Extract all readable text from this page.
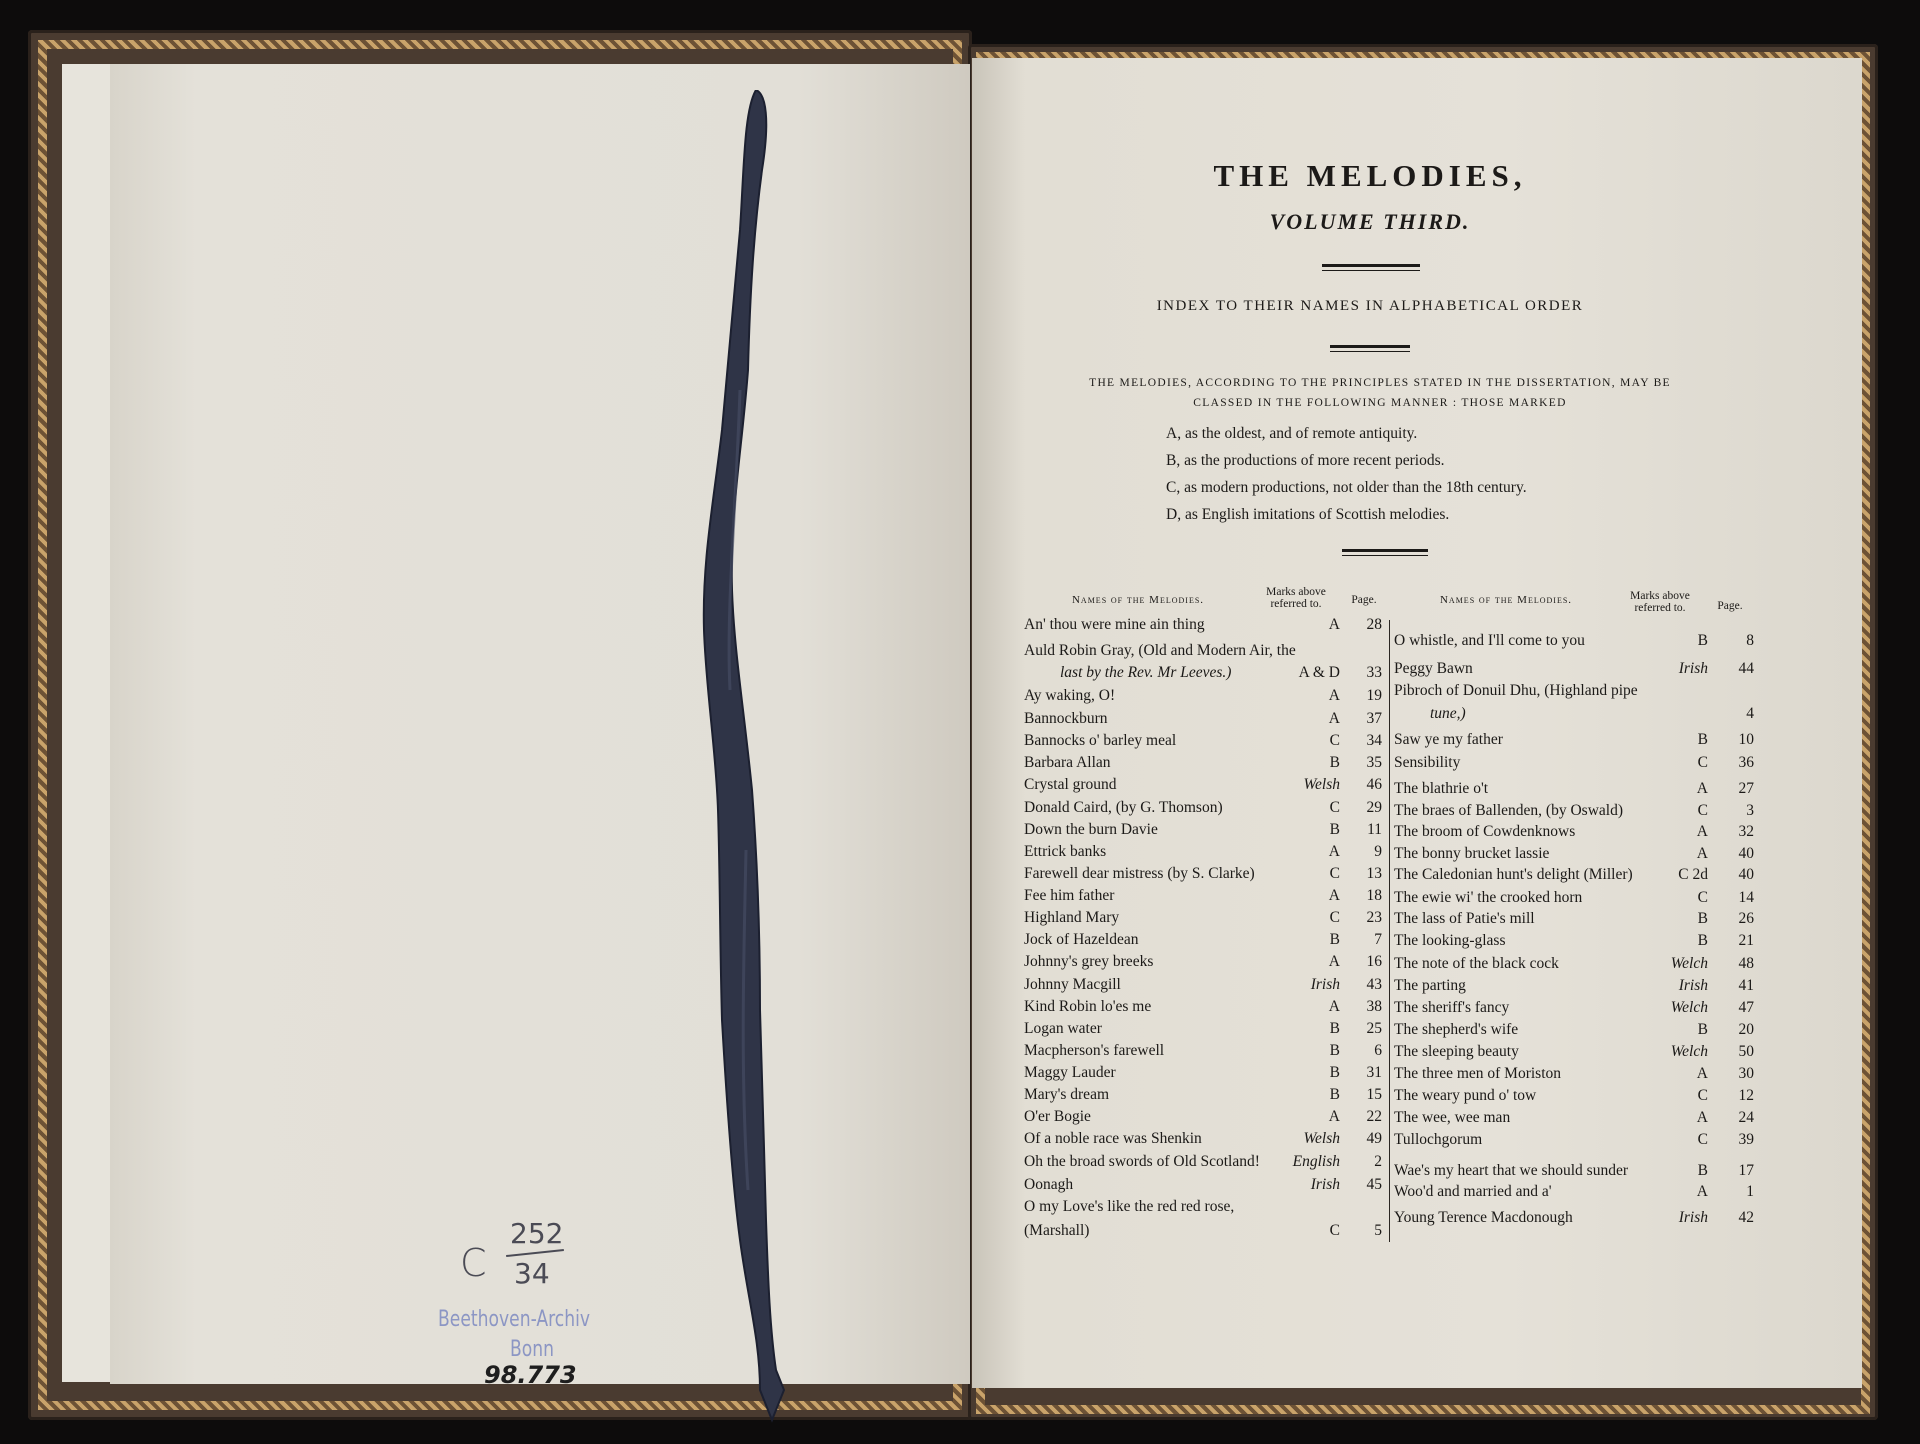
C
252
34
Beethoven-Archiv
Bonn
98.773
THE MELODIES,
VOLUME THIRD.
INDEX TO THEIR NAMES IN ALPHABETICAL ORDER
THE MELODIES, ACCORDING TO THE PRINCIPLES STATED IN THE DISSERTATION, MAY BE
CLASSED IN THE FOLLOWING MANNER : THOSE MARKED
A, as the oldest, and of remote antiquity.
B, as the productions of more recent periods.
C, as modern productions, not older than the 18th century.
D, as English imitations of Scottish melodies.
Names of the Melodies.
Marks above
referred to.	Page.	Names of the Melodies.	Marks above
referred to.	Page.
An' thou were mine ain thing	A 28
Auld Robin Gray, (Old and Modern Air, the
last by the Rev. Mr Leeves.)	A & D 33
Ay waking, O!	A 19
Bannockburn	A 37
Bannocks o' barley meal	C 34
Barbara Allan	B 35
Crystal ground	Welsh 46
Donald Caird, (by G. Thomson)	C 29
Down the burn Davie	B 11
Ettrick banks	A 9
Farewell dear mistress (by S. Clarke)	C 13
Fee him father	A 18
Highland Mary	C 23
Jock of Hazeldean	B 7
Johnny's grey breeks	A 16
Johnny Macgill	Irish 43
Kind Robin lo'es me	A 38
Logan water	B 25
Macpherson's farewell	B 6
Maggy Lauder	B 31
Mary's dream	B 15
O'er Bogie	A 22
Of a noble race was Shenkin	Welsh 49
Oh the broad swords of Old Scotland! English 2
Oonagh	Irish 45
O my Love's like the red red rose,
(Marshall)	C 5
O whistle, and I'll come to you	B 8
Peggy Bawn	Irish 44
Pibroch of Donuil Dhu, (Highland pipe
tune,)	4
Saw ye my father	B 10
Sensibility	C 36
The blathrie o't	A 27
The braes of Ballenden, (by Oswald)	C 3
The broom of Cowdenknows	A 32
The bonny brucket lassie	A 40
The Caledonian hunt's delight (Miller)	C 2d 40
The ewie wi' the crooked horn	C 14
The lass of Patie's mill	B 26
The looking-glass	B 21
The note of the black cock	Welch 48
The parting	Irish 41
The sheriff's fancy	Welch 47
The shepherd's wife	B 20
The sleeping beauty	Welch 50
The three men of Moriston	A 30
The weary pund o' tow	C 12
The wee, wee man	A 24
Tullochgorum	C 39
Wae's my heart that we should sunder	B 17
Woo'd and married and a'	A 1
Young Terence Macdonough	Irish 42
